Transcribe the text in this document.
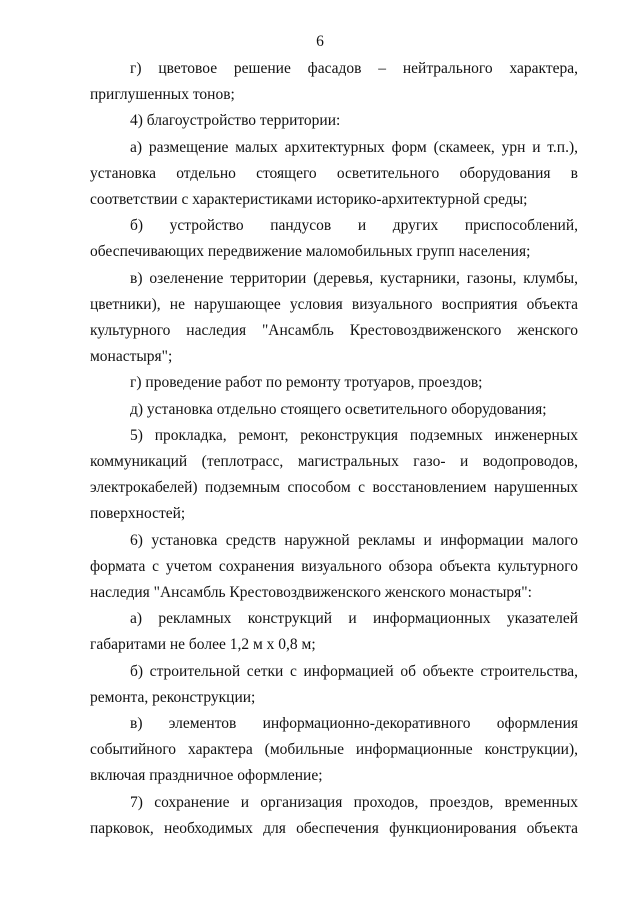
6

г) цветовое решение фасадов – нейтрального характера, приглушенных тонов;

4) благоустройство территории:

а) размещение малых архитектурных форм (скамеек, урн и т.п.), установка отдельно стоящего осветительного оборудования в соответствии с характеристиками историко-архитектурной среды;

б) устройство пандусов и других приспособлений, обеспечивающих передвижение маломобильных групп населения;

в) озеленение территории (деревья, кустарники, газоны, клумбы, цветники), не нарушающее условия визуального восприятия объекта культурного наследия "Ансамбль Крестовоздвиженского женского монастыря";

г) проведение работ по ремонту тротуаров, проездов;

д) установка отдельно стоящего осветительного оборудования;

5) прокладка, ремонт, реконструкция подземных инженерных коммуникаций (теплотрасс, магистральных газо- и водопроводов, электрокабелей) подземным способом с восстановлением нарушенных поверхностей;

6) установка средств наружной рекламы и информации малого формата с учетом сохранения визуального обзора объекта культурного наследия "Ансамбль Крестовоздвиженского женского монастыря":

а) рекламных конструкций и информационных указателей габаритами не более 1,2 м x 0,8 м;

б) строительной сетки с информацией об объекте строительства, ремонта, реконструкции;

в) элементов информационно-декоративного оформления событийного характера (мобильные информационные конструкции), включая праздничное оформление;

7) сохранение и организация проходов, проездов, временных парковок, необходимых для обеспечения функционирования объекта
